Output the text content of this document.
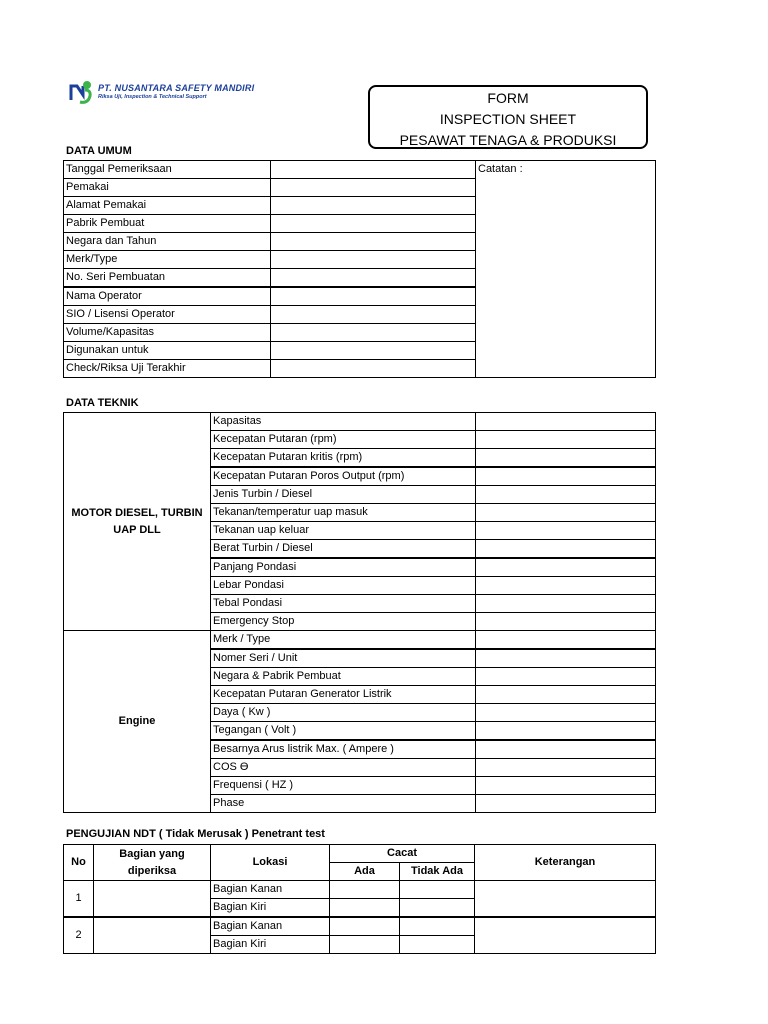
NSM
PT. NUSANTARA SAFETY MANDIRI
Riksa Uji, Inspection & Technical Support	FORM
INSPECTION SHEET
PESAWAT TENAGA & PRODUKSI
DATA UMUM
Tanggal Pemeriksaan		Catatan :
Pemakai		
Alamat Pemakai		
Pabrik Pembuat		
Negara dan Tahun		
Merk/Type		
No. Seri Pembuatan		
Nama Operator		
SIO / Lisensi Operator		
Volume/Kapasitas		
Digunakan untuk		
Check/Riksa Uji Terakhir		
DATA TEKNIK
MOTOR DIESEL, TURBIN UAP DLL	Kapasitas	
	Kecepatan Putaran (rpm)	
	Kecepatan Putaran kritis (rpm)	
	Kecepatan Putaran Poros Output (rpm)	
	Jenis Turbin / Diesel	
	Tekanan/temperatur uap masuk	
	Tekanan uap keluar	
	Berat Turbin / Diesel	
	Panjang Pondasi	
	Lebar Pondasi	
	Tebal Pondasi	
	Emergency Stop	
Engine	Merk / Type	
	Nomer Seri / Unit	
	Negara & Pabrik Pembuat	
	Kecepatan Putaran Generator Listrik	
	Daya ( Kw )	
	Tegangan ( Volt )	
	Besarnya Arus listrik Max. ( Ampere )	
	COS ϴ	
	Frequensi ( HZ )	
	Phase	
PENGUJIAN NDT ( Tidak Merusak ) Penetrant test
No	Bagian yang diperiksa	Lokasi	Cacat		Keterangan
			Ada	Tidak Ada	
1		Bagian Kanan			
		Bagian Kiri			
2		Bagian Kanan			
		Bagian Kiri			
